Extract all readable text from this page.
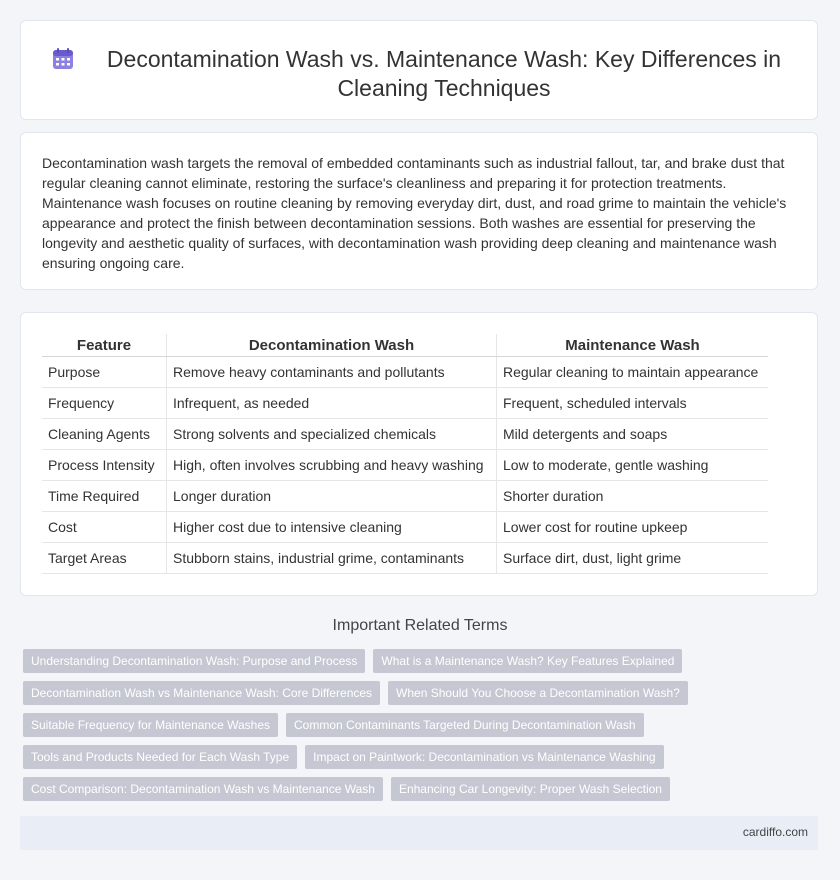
Decontamination Wash vs. Maintenance Wash: Key Differences in Cleaning Techniques

Decontamination wash targets the removal of embedded contaminants such as industrial fallout, tar, and brake dust that regular cleaning cannot eliminate, restoring the surface's cleanliness and preparing it for protection treatments. Maintenance wash focuses on routine cleaning by removing everyday dirt, dust, and road grime to maintain the vehicle's appearance and protect the finish between decontamination sessions. Both washes are essential for preserving the longevity and aesthetic quality of surfaces, with decontamination wash providing deep cleaning and maintenance wash ensuring ongoing care.

Feature	Decontamination Wash	Maintenance Wash
Purpose	Remove heavy contaminants and pollutants	Regular cleaning to maintain appearance
Frequency	Infrequent, as needed	Frequent, scheduled intervals
Cleaning Agents	Strong solvents and specialized chemicals	Mild detergents and soaps
Process Intensity	High, often involves scrubbing and heavy washing	Low to moderate, gentle washing
Time Required	Longer duration	Shorter duration
Cost	Higher cost due to intensive cleaning	Lower cost for routine upkeep
Target Areas	Stubborn stains, industrial grime, contaminants	Surface dirt, dust, light grime
Important Related Terms
Understanding Decontamination Wash: Purpose and Process	What is a Maintenance Wash? Key Features Explained
Decontamination Wash vs Maintenance Wash: Core Differences	When Should You Choose a Decontamination Wash?
Suitable Frequency for Maintenance Washes	Common Contaminants Targeted During Decontamination Wash
Tools and Products Needed for Each Wash Type	Impact on Paintwork: Decontamination vs Maintenance Washing
Cost Comparison: Decontamination Wash vs Maintenance Wash	Enhancing Car Longevity: Proper Wash Selection
cardiffo.com
